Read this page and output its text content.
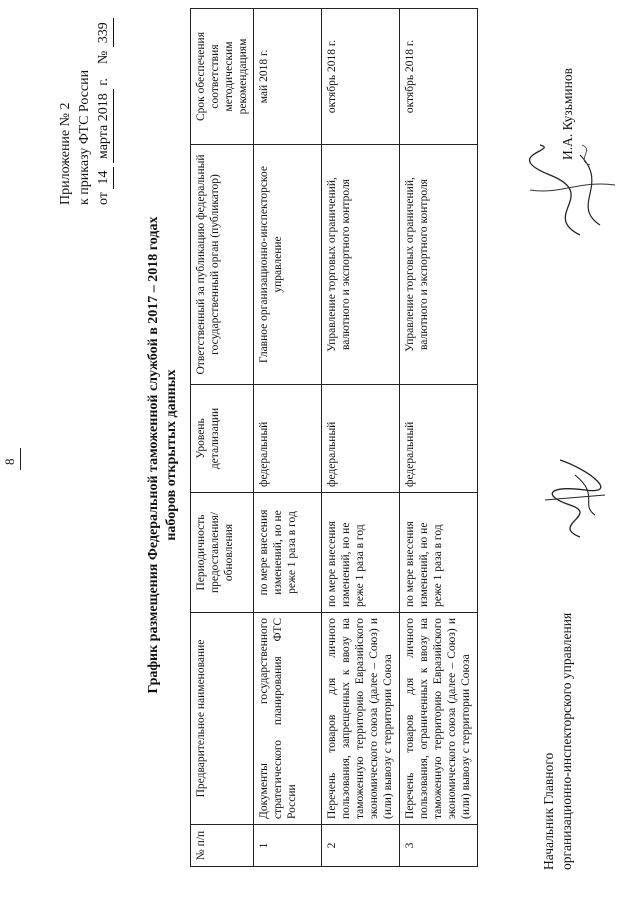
8
Приложение № 2 к приказу ФТС России от 14 марта 2018 г.    № 339
График размещения Федеральной таможенной службой в 2017 – 2018 годах наборов открытых данных
№ п/п	Предварительное наименование	Периодичность предоставления/ обновления	Уровень детализации	Ответственный за публикацию федеральный государственный орган (публикатор)	Срок обеспечения соответствия методическим рекомендациям
1	Документы государственного стратегического планирования ФТС России	по мере внесения изменений, но не реже 1 раза в год	федеральный	Главное организационно-инспекторское управление	май 2018 г.
2	Перечень товаров для личного пользования, запрещенных к ввозу на таможенную территорию Евразийского экономического союза (далее – Союз) и (или) вывозу с территории Союза	по мере внесения изменений, но не реже 1 раза в год	федеральный	Управление торговых ограничений, валютного и экспортного контроля	октябрь 2018 г.
3	Перечень товаров для личного пользования, ограниченных к ввозу на таможенную территорию Евразийского экономического союза (далее – Союз) и (или) вывозу с территории Союза	по мере внесения изменений, но не реже 1 раза в год	федеральный	Управление торговых ограничений, валютного и экспортного контроля	октябрь 2018 г.
Начальник Главного организационно-инспекторского управления
И.А. Кузьминов
